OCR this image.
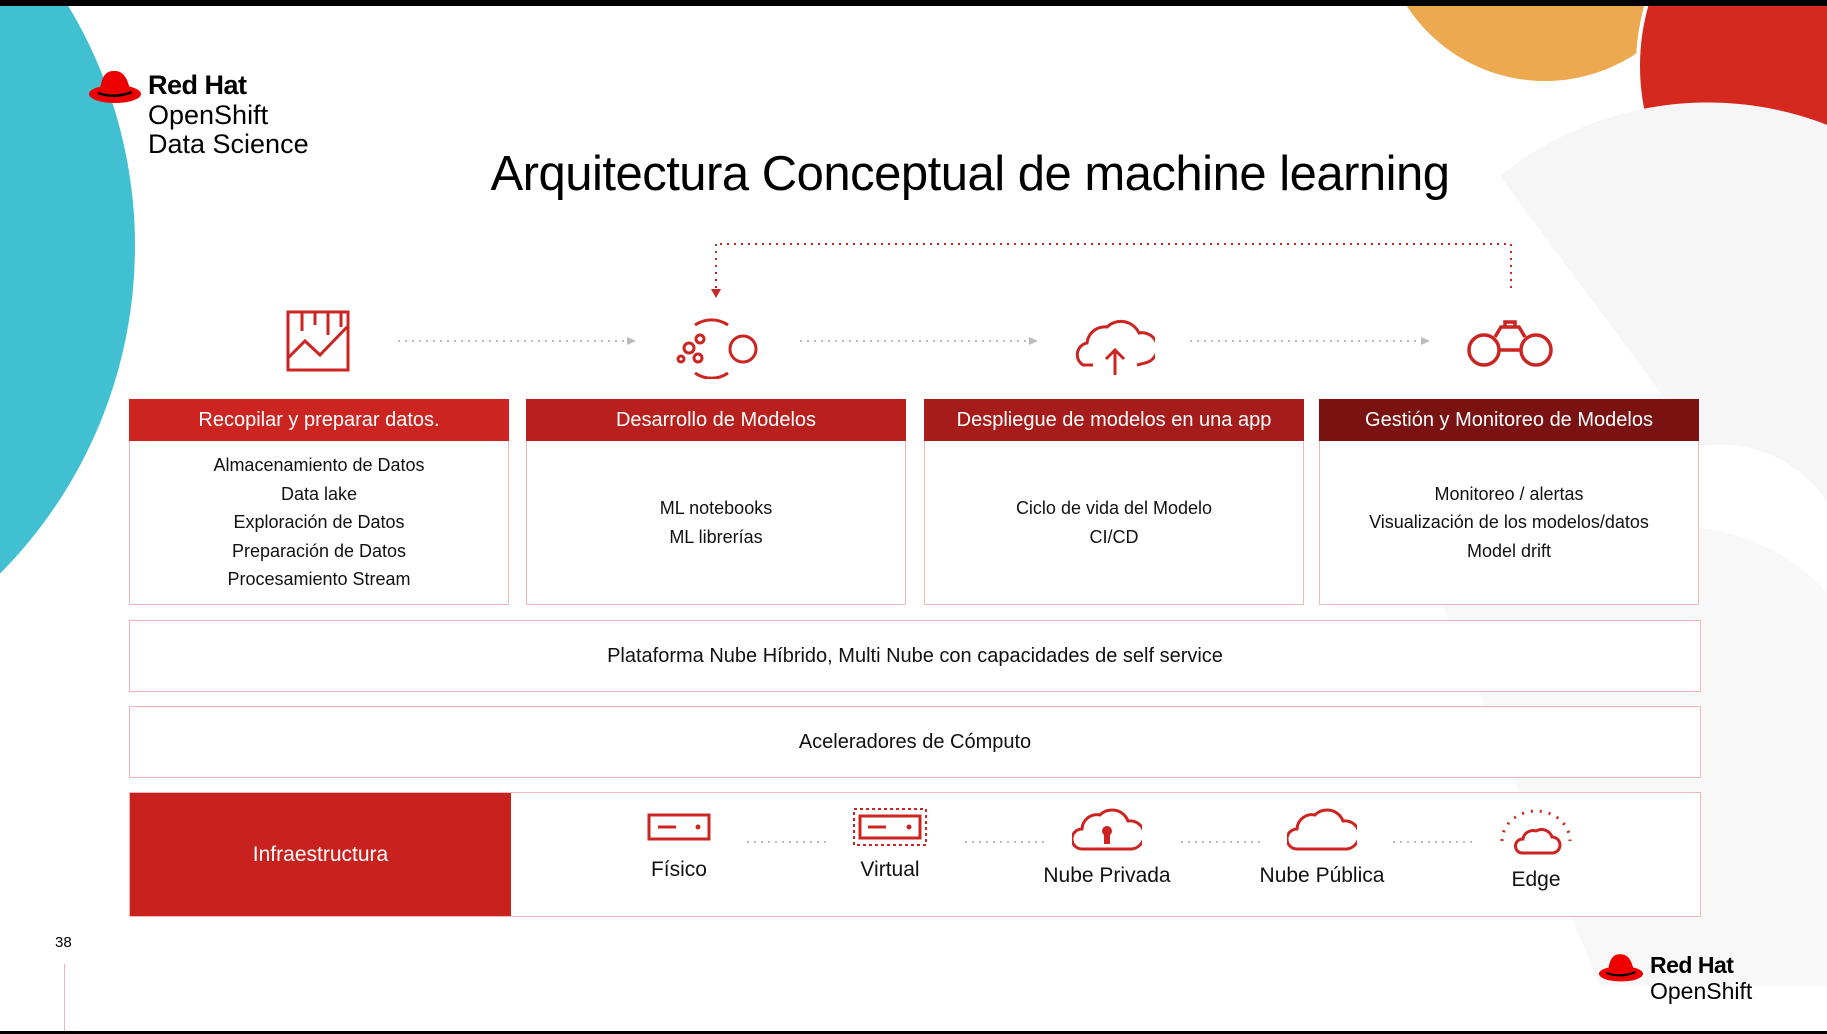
Red Hat
OpenShift
Data Science
Arquitectura Conceptual de machine learning
Recopilar y preparar datos.
Almacenamiento de Datos
Data lake
Exploración de Datos
Preparación de Datos
Procesamiento Stream
Desarrollo de Modelos
ML notebooks
ML librerías
Despliegue de modelos en una app
Ciclo de vida del Modelo
CI/CD
Gestión y Monitoreo de Modelos
Monitoreo / alertas
Visualización de los modelos/datos
Model drift
Plataforma Nube Híbrido, Multi Nube con capacidades de self service
Aceleradores de Cómputo
Infraestructura
Físico	Virtual	Nube Privada	Nube Pública	Edge
38
Red Hat
OpenShift
